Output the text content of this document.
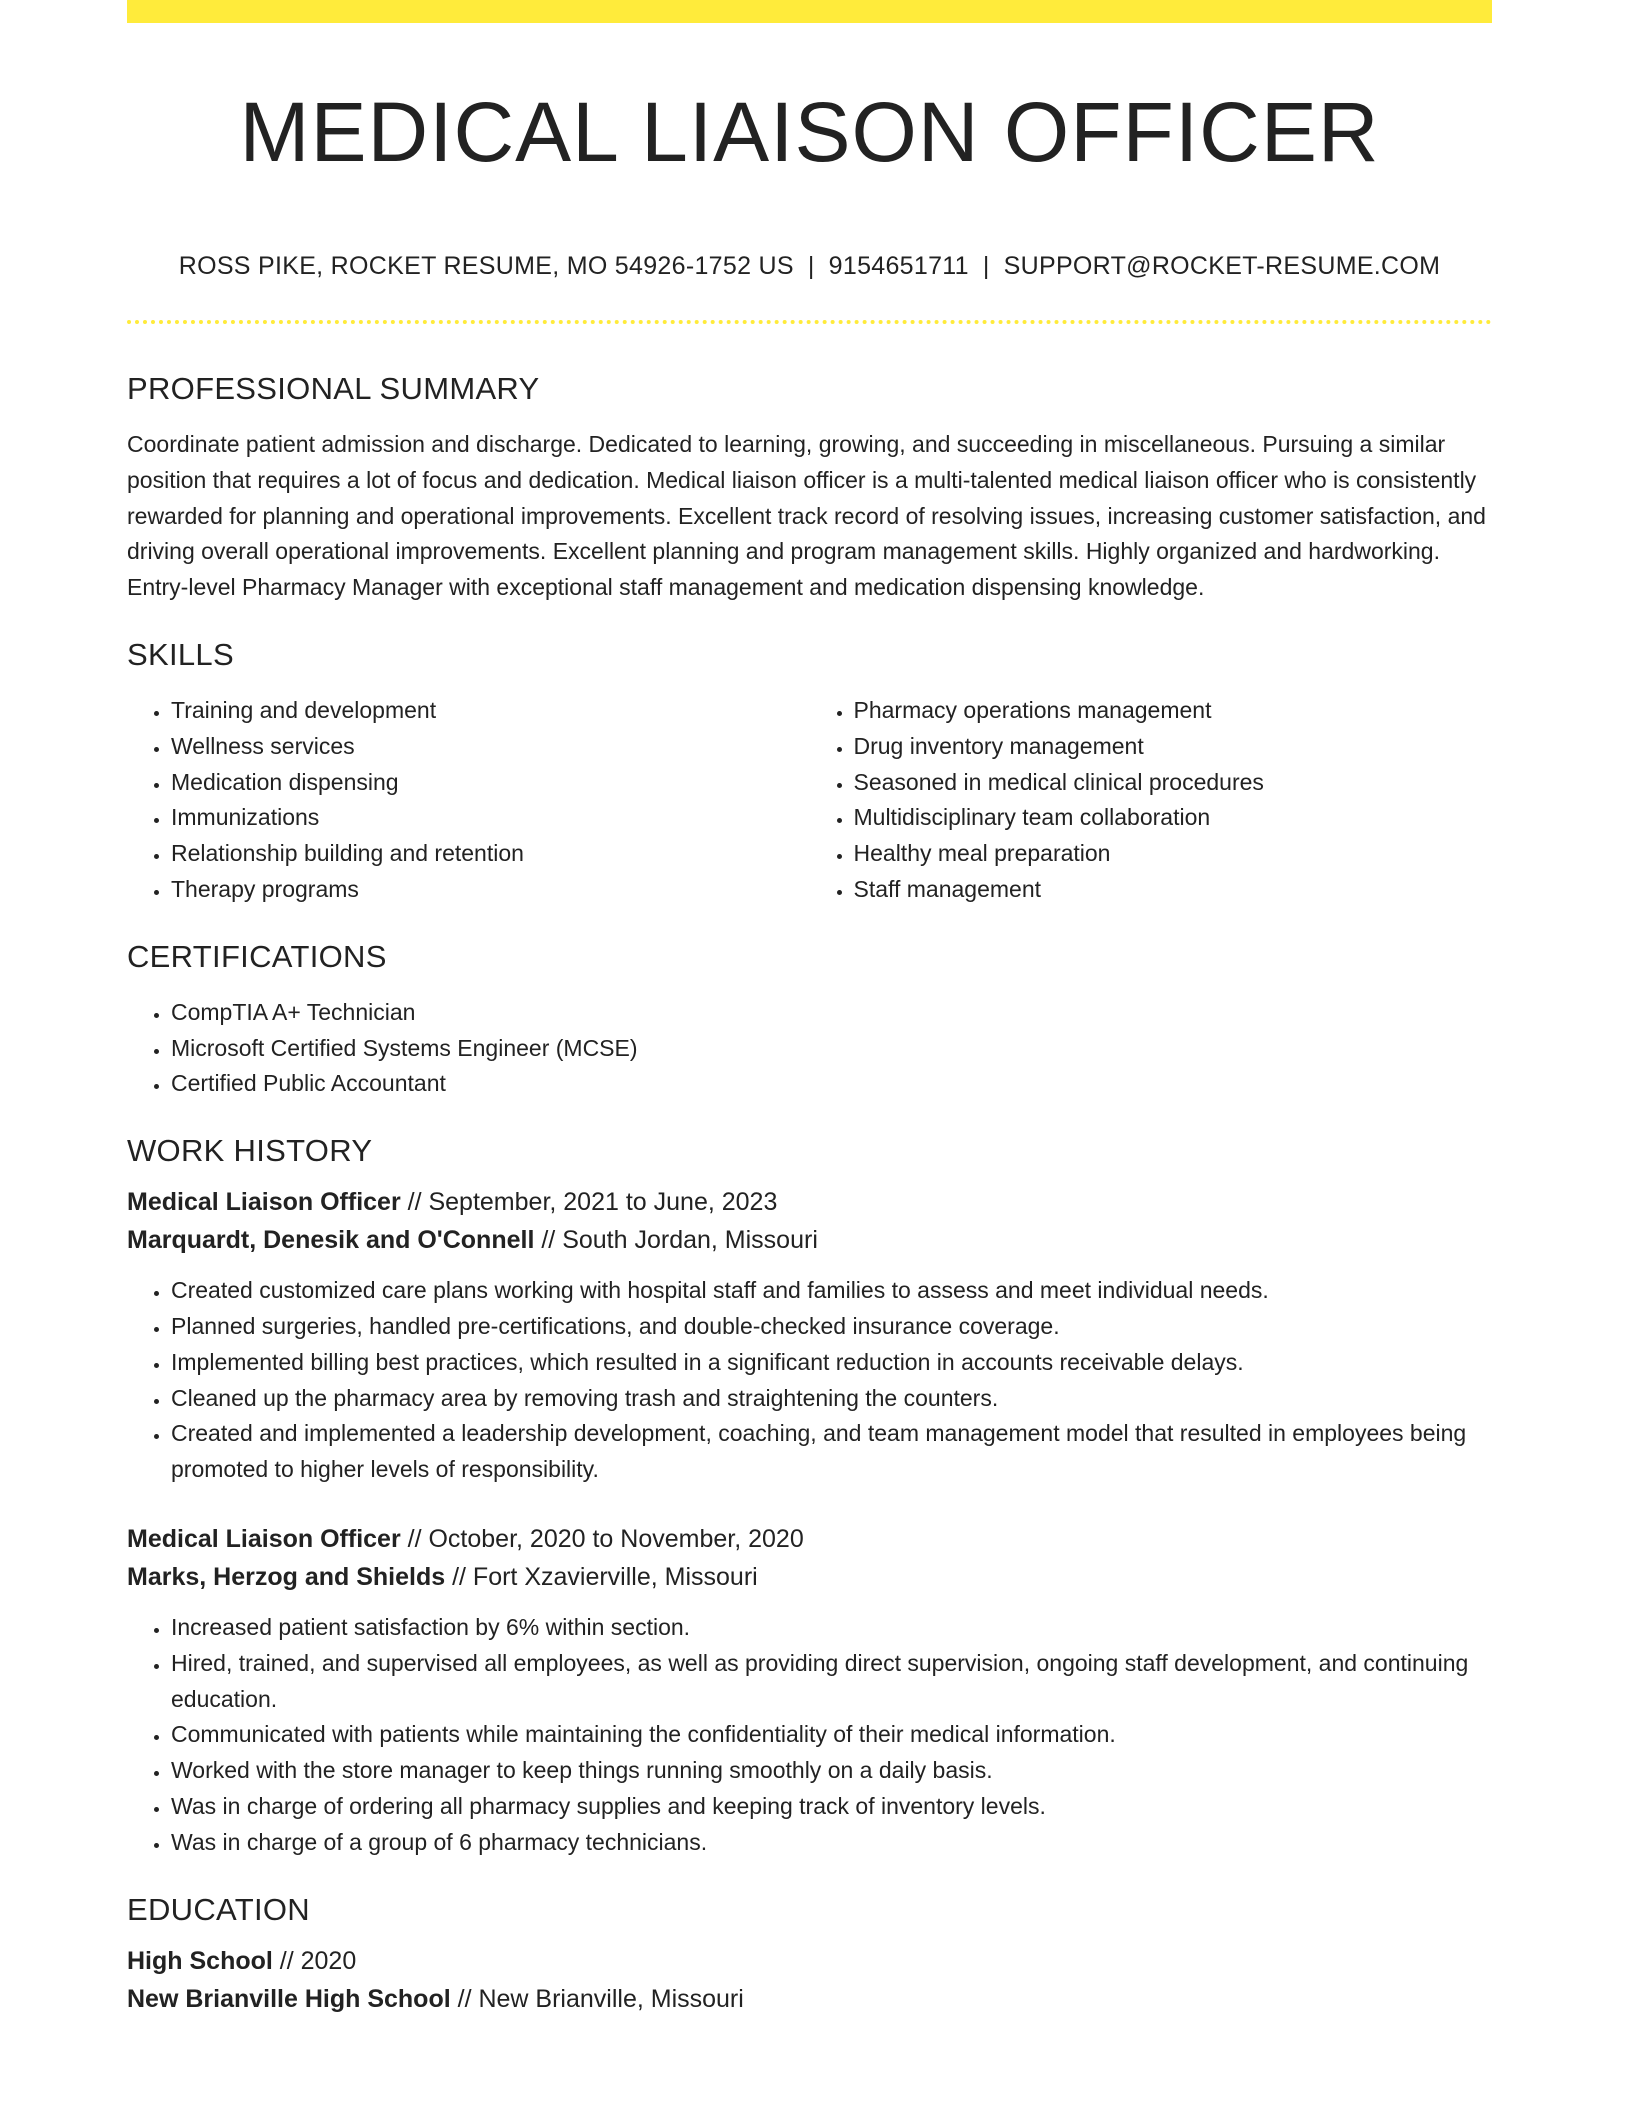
MEDICAL LIAISON OFFICER
ROSS PIKE, ROCKET RESUME, MO 54926-1752 US | 9154651711 | SUPPORT@ROCKET-RESUME.COM
PROFESSIONAL SUMMARY

Coordinate patient admission and discharge. Dedicated to learning, growing, and succeeding in miscellaneous. Pursuing a similar position that requires a lot of focus and dedication. Medical liaison officer is a multi-talented medical liaison officer who is consistently rewarded for planning and operational improvements. Excellent track record of resolving issues, increasing customer satisfaction, and driving overall operational improvements. Excellent planning and program management skills. Highly organized and hardworking. Entry-level Pharmacy Manager with exceptional staff management and medication dispensing knowledge.

SKILLS
• Training and development
• Wellness services
• Medication dispensing
• Immunizations
• Relationship building and retention
• Therapy programs
• Pharmacy operations management
• Drug inventory management
• Seasoned in medical clinical procedures
• Multidisciplinary team collaboration
• Healthy meal preparation
• Staff management
CERTIFICATIONS
• CompTIA A+ Technician
• Microsoft Certified Systems Engineer (MCSE)
• Certified Public Accountant
WORK HISTORY

Medical Liaison Officer // September, 2021 to June, 2023

Marquardt, Denesik and O'Connell // South Jordan, Missouri

• Created customized care plans working with hospital staff and families to assess and meet individual needs.
• Planned surgeries, handled pre-certifications, and double-checked insurance coverage.
• Implemented billing best practices, which resulted in a significant reduction in accounts receivable delays.
• Cleaned up the pharmacy area by removing trash and straightening the counters.
• Created and implemented a leadership development, coaching, and team management model that resulted in employees being promoted to higher levels of responsibility.

Medical Liaison Officer // October, 2020 to November, 2020

Marks, Herzog and Shields // Fort Xzavierville, Missouri

• Increased patient satisfaction by 6% within section.
• Hired, trained, and supervised all employees, as well as providing direct supervision, ongoing staff development, and continuing education.
• Communicated with patients while maintaining the confidentiality of their medical information.
• Worked with the store manager to keep things running smoothly on a daily basis.
• Was in charge of ordering all pharmacy supplies and keeping track of inventory levels.
• Was in charge of a group of 6 pharmacy technicians.
EDUCATION

High School // 2020

New Brianville High School // New Brianville, Missouri
